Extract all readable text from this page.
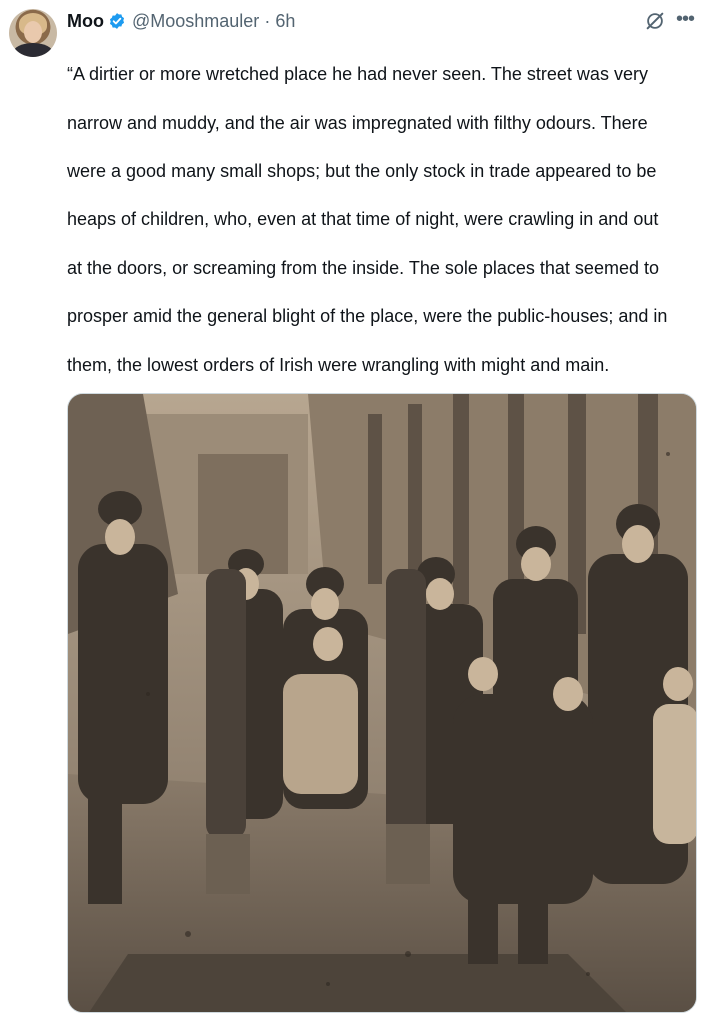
Moo @Mooshmauler · 6h	•••

“A dirtier or more wretched place he had never seen. The street was very

narrow and muddy, and the air was impregnated with filthy odours. There

were a good many small shops; but the only stock in trade appeared to be

heaps of children, who, even at that time of night, were crawling in and out

at the doors, or screaming from the inside. The sole places that seemed to

prosper amid the general blight of the place, were the public-houses; and in

them, the lowest orders of Irish were wrangling with might and main.
